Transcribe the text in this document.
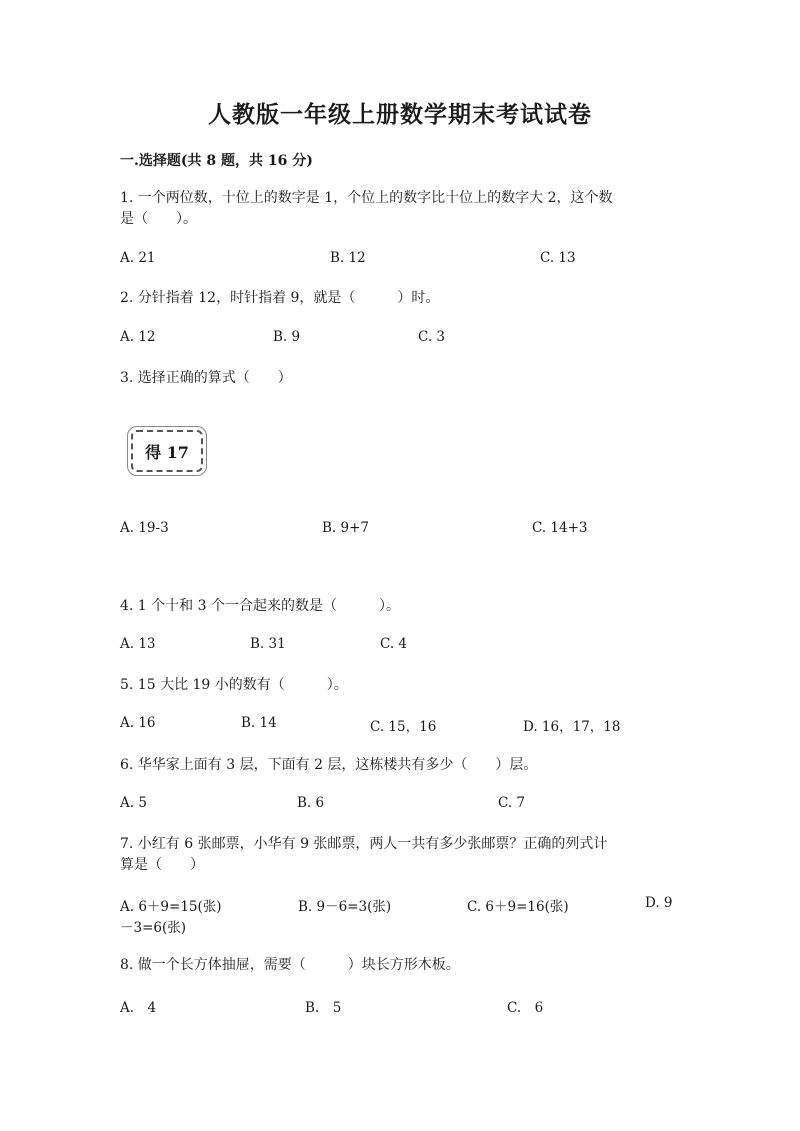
人教版一年级上册数学期末考试试卷
一.选择题(共 8 题，共 16 分)
1. 一个两位数，十位上的数字是 1，个位上的数字比十位上的数字大 2，这个数
是（　　）。
A. 21	B. 12	C. 13
2. 分针指着 12，时针指着 9，就是（　　　）时。
A. 12	B. 9	C. 3
3. 选择正确的算式（　　）
得 17
A. 19-3	B. 9+7	C. 14+3
4. 1 个十和 3 个一合起来的数是（　　　）。
A. 13	B. 31	C. 4
5. 15 大比 19 小的数有（　　　）。
A. 16	B. 14	C. 15，16	D. 16，17，18
6. 华华家上面有 3 层，下面有 2 层，这栋楼共有多少（　　）层。
A. 5	B. 6	C. 7
7. 小红有 6 张邮票，小华有 9 张邮票，两人一共有多少张邮票？正确的列式计
算是（　　）
A. 6＋9=15(张)	B. 9－6=3(张)	C. 6＋9=16(张)	D. 9
－3=6(张)
8. 做一个长方体抽屉，需要（　　　）块长方形木板。
A.　4	B.　5	C.　6
